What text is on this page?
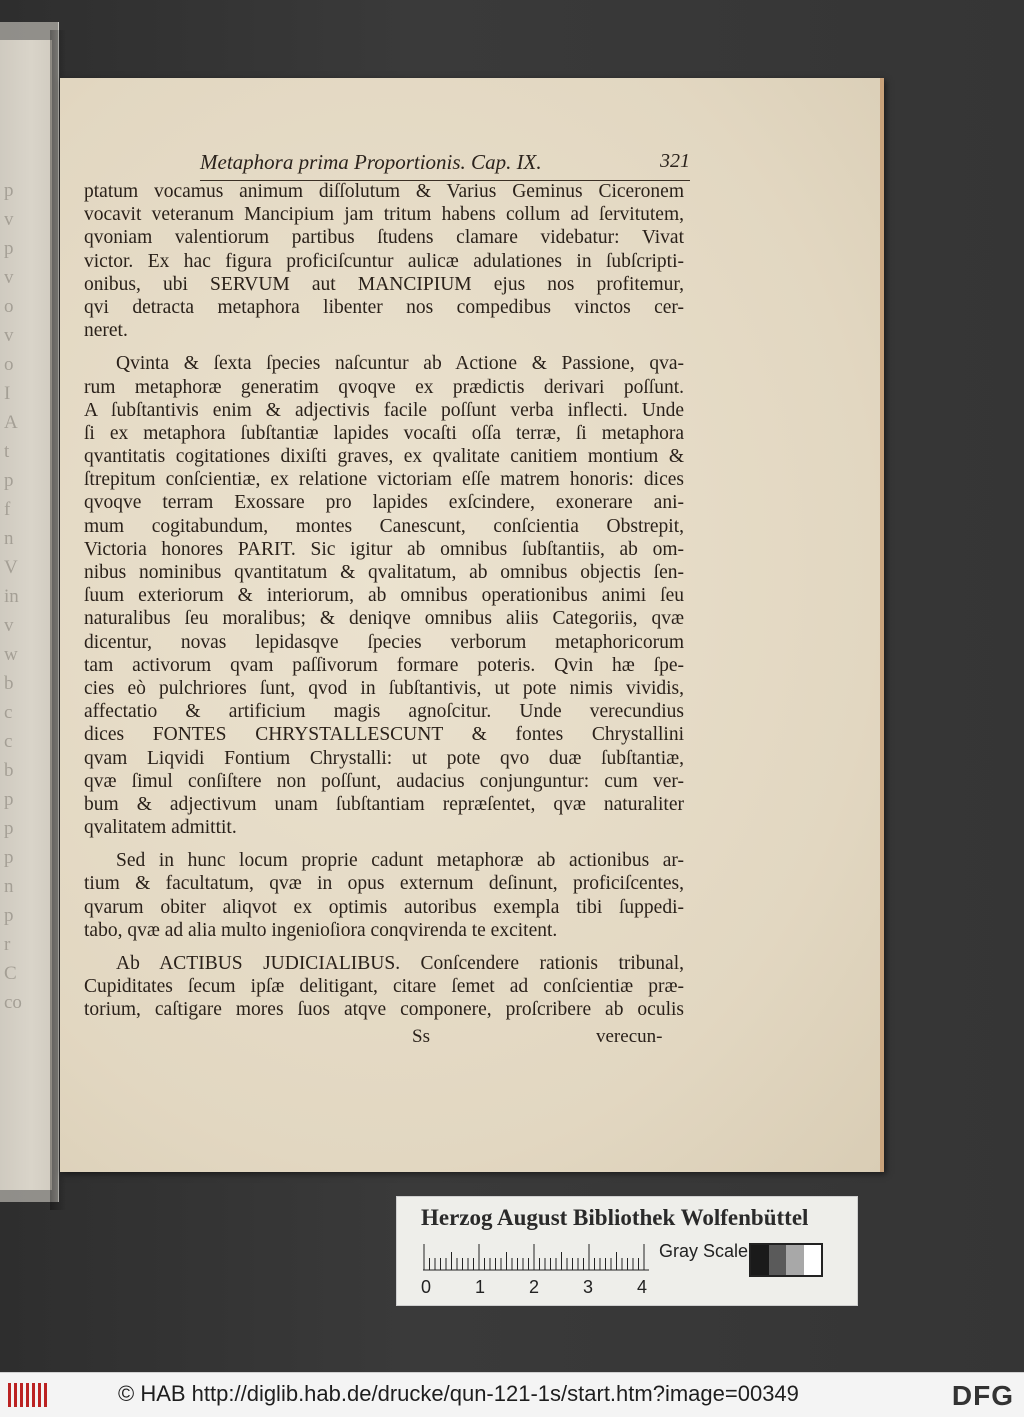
Metaphora prima Proportionis. Cap. IX.	321
ptatum vocamus animum diſſolutum & Varius Geminus Ciceronem
vocavit veteranum Mancipium jam tritum habens collum ad ſervitutem,
qvoniam valentiorum partibus ſtudens clamare videbatur: Vivat
victor. Ex hac figura proficiſcuntur aulicæ adulationes in ſubſcripti-
onibus, ubi SERVUM aut MANCIPIUM ejus nos profitemur,
qvi detracta metaphora libenter nos compedibus vinctos cer-
neret.
Qvinta & ſexta ſpecies naſcuntur ab Actione & Passione, qva-
rum metaphoræ generatim qvoqve ex prædictis derivari poſſunt.
A ſubſtantivis enim & adjectivis facile poſſunt verba inflecti. Unde
ſi ex metaphora ſubſtantiæ lapides vocaſti oſſa terræ, ſi metaphora
qvantitatis cogitationes dixiſti graves, ex qvalitate canitiem montium &
ſtrepitum conſcientiæ, ex relatione victoriam eſſe matrem honoris: dices
qvoqve terram Exossare pro lapides exſcindere, exonerare ani-
mum cogitabundum, montes Canescunt, conſcientia Obstrepit,
Victoria honores PARIT. Sic igitur ab omnibus ſubſtantiis, ab om-
nibus nominibus qvantitatum & qvalitatum, ab omnibus objectis ſen-
ſuum exteriorum & interiorum, ab omnibus operationibus animi ſeu
naturalibus ſeu moralibus; & deniqve omnibus aliis Categoriis, qvæ
dicentur, novas lepidasqve ſpecies verborum metaphoricorum
tam activorum qvam paſſivorum formare poteris. Qvin hæ ſpe-
cies eò pulchriores ſunt, qvod in ſubſtantivis, ut pote nimis vividis,
affectatio & artificium magis agnoſcitur. Unde verecundius
dices FONTES CHRYSTALLESCUNT & fontes Chrystallini
qvam Liqvidi Fontium Chrystalli: ut pote qvo duæ ſubſtantiæ,
qvæ ſimul conſiſtere non poſſunt, audacius conjunguntur: cum ver-
bum & adjectivum unam ſubſtantiam repræſentet, qvæ naturaliter
qvalitatem admittit.
Sed in hunc locum proprie cadunt metaphoræ ab actionibus ar-
tium & facultatum, qvæ in opus externum deſinunt, proficiſcentes,
qvarum obiter aliqvot ex optimis autoribus exempla tibi ſuppedi-
tabo, qvæ ad alia multo ingenioſiora conqvirenda te excitent.
Ab ACTIBUS JUDICIALIBUS. Conſcendere rationis tribunal,
Cupiditates ſecum ipſæ delitigant, citare ſemet ad conſcientiæ præ-
torium, caſtigare mores ſuos atqve componere, proſcribere ab oculis
Ss	verecun-
Herzog August Bibliothek Wolfenbüttel
0 1 2 3 4
Gray Scale
© HAB http://diglib.hab.de/drucke/qun-121-1s/start.htm?image=00349	DFG
